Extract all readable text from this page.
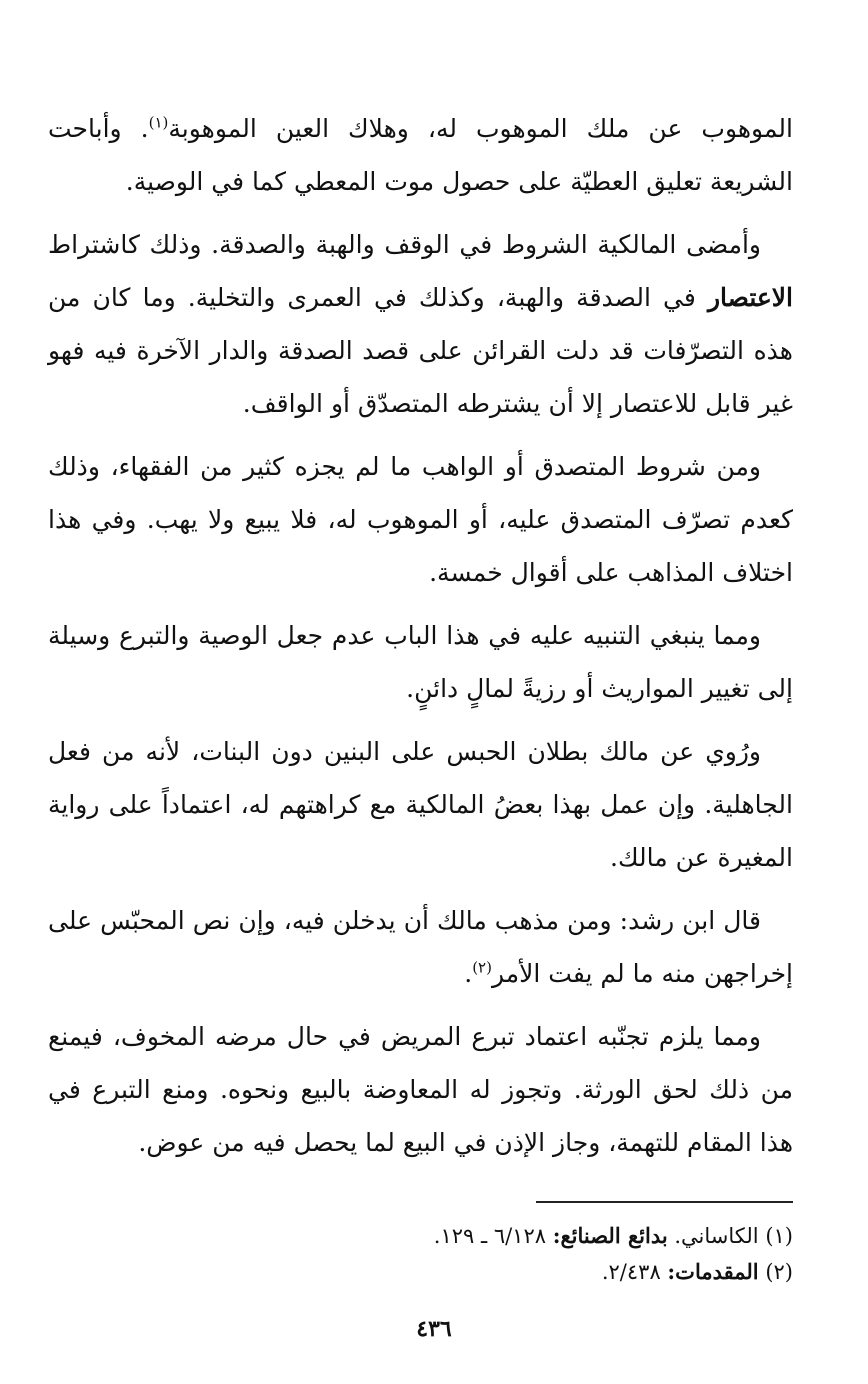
الموهوب عن ملك الموهوب له، وهلاك العين الموهوبة$^{(١)}$. وأباحت الشريعة تعليق العطيّة على حصول موت المعطي كما في الوصية.

وأمضى المالكية الشروط في الوقف والهبة والصدقة. وذلك كاشتراط الاعتصار في الصدقة والهبة، وكذلك في العمرى والتخلية. وما كان من هذه التصرّفات قد دلت القرائن على قصد الصدقة والدار الآخرة فيه فهو غير قابل للاعتصار إلا أن يشترطه المتصدّق أو الواقف.

ومن شروط المتصدق أو الواهب ما لم يجزه كثير من الفقهاء، وذلك كعدم تصرّف المتصدق عليه، أو الموهوب له، فلا يبيع ولا يهب. وفي هذا اختلاف المذاهب على أقوال خمسة.

ومما ينبغي التنبيه عليه في هذا الباب عدم جعل الوصية والتبرع وسيلة إلى تغيير المواريث أو رزيةً لمالٍ دائنٍ.

ورُوي عن مالك بطلان الحبس على البنين دون البنات، لأنه من فعل الجاهلية. وإن عمل بهذا بعضُ المالكية مع كراهتهم له، اعتماداً على رواية المغيرة عن مالك.

قال ابن رشد: ومن مذهب مالك أن يدخلن فيه، وإن نص المحبّس على إخراجهن منه ما لم يفت الأمر$^{(٢)}$.

ومما يلزم تجنّبه اعتماد تبرع المريض في حال مرضه المخوف، فيمنع من ذلك لحق الورثة. وتجوز له المعاوضة بالبيع ونحوه. ومنع التبرع في هذا المقام للتهمة، وجاز الإذن في البيع لما يحصل فيه من عوض.

(١) الكاساني. بدائع الصنائع: ٦/١٢٨ ـ ١٢٩.

(٢) المقدمات: ٢/٤٣٨.

٤٣٦
